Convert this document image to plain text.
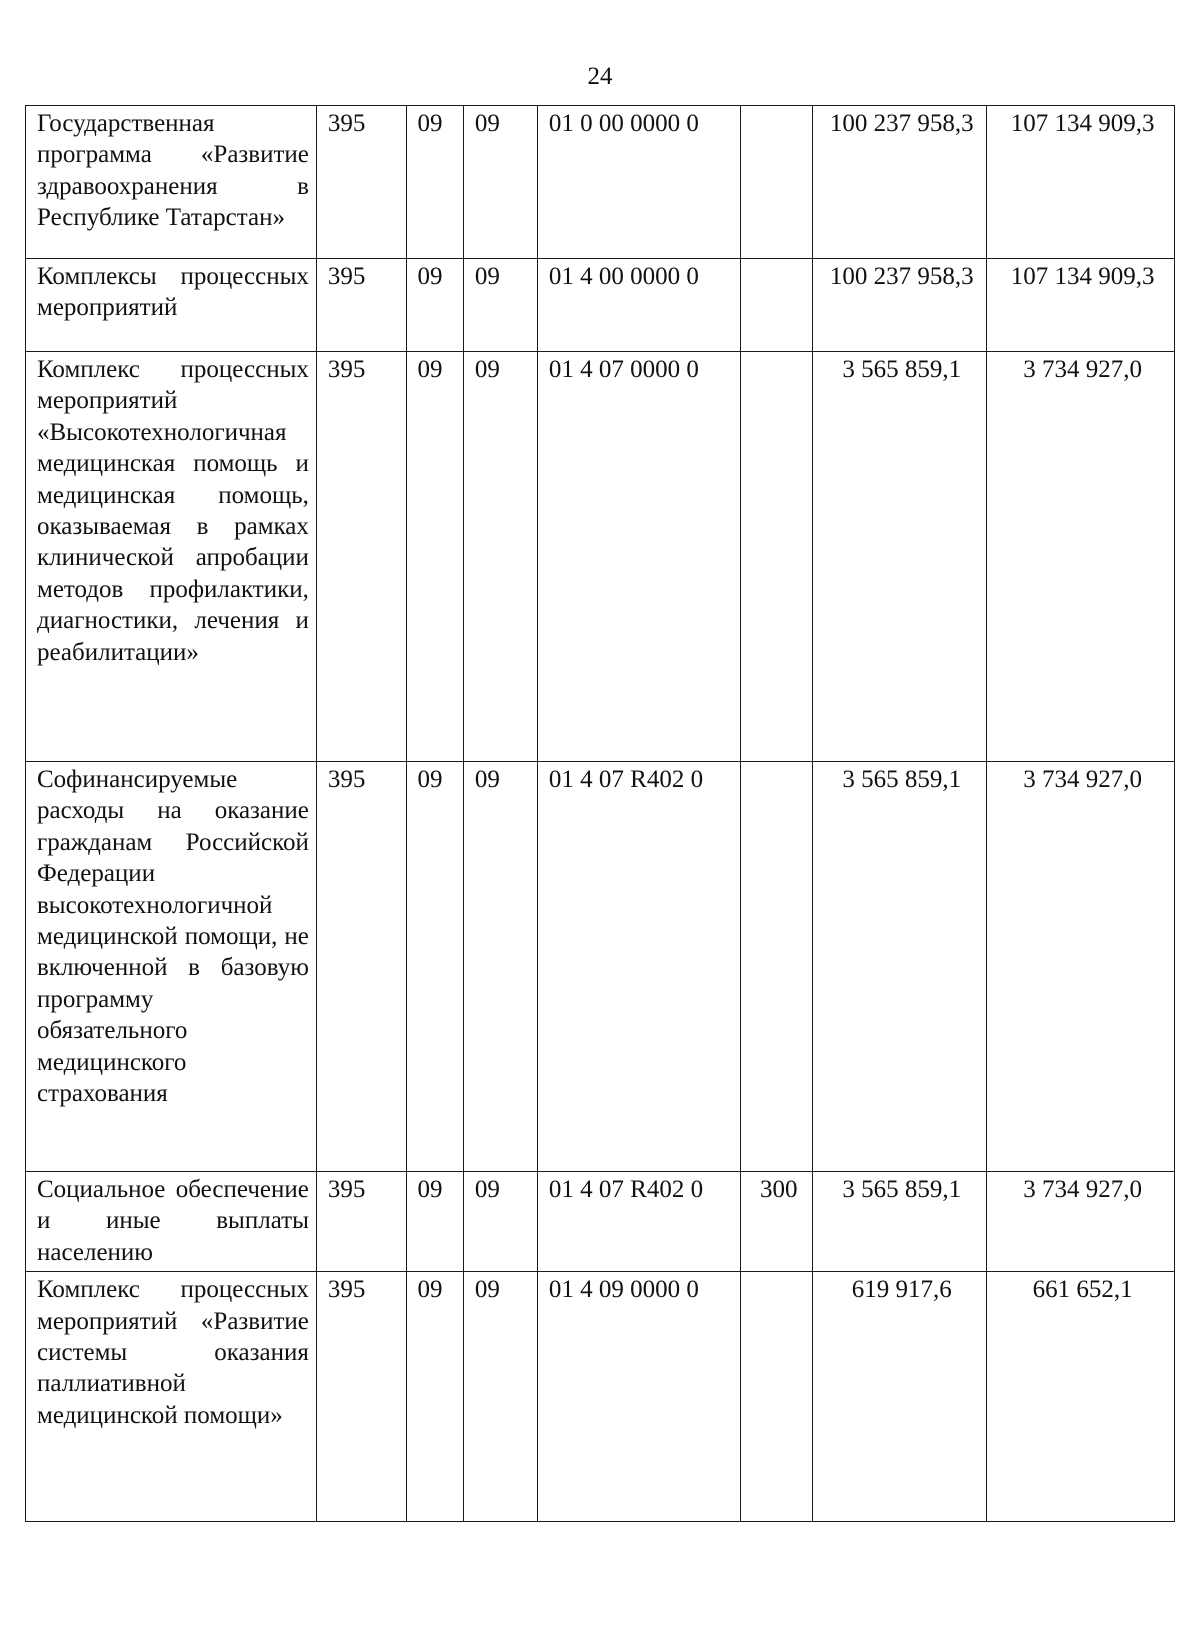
24
Государственная программа «Развитие здравоохранения в Республике Татарстан»	395	09	09	01 0 00 0000 0		100 237 958,3	107 134 909,3
Комплексы процессных мероприятий	395	09	09	01 4 00 0000 0		100 237 958,3	107 134 909,3
Комплекс процессных мероприятий «Высокотехнологичная медицинская помощь и медицинская помощь, оказываемая в рамках клинической апробации методов профилактики, диагностики, лечения и реабилитации»	395	09	09	01 4 07 0000 0		3 565 859,1	3 734 927,0
Софинансируемые расходы на оказание гражданам Российской Федерации высокотехнологичной медицинской помощи, не включенной в базовую программу обязательного медицинского страхования	395	09	09	01 4 07 R402 0		3 565 859,1	3 734 927,0
Социальное обеспечение и иные выплаты населению	395	09	09	01 4 07 R402 0	300	3 565 859,1	3 734 927,0
Комплекс процессных мероприятий «Развитие системы оказания паллиативной медицинской помощи»	395	09	09	01 4 09 0000 0		619 917,6	661 652,1
